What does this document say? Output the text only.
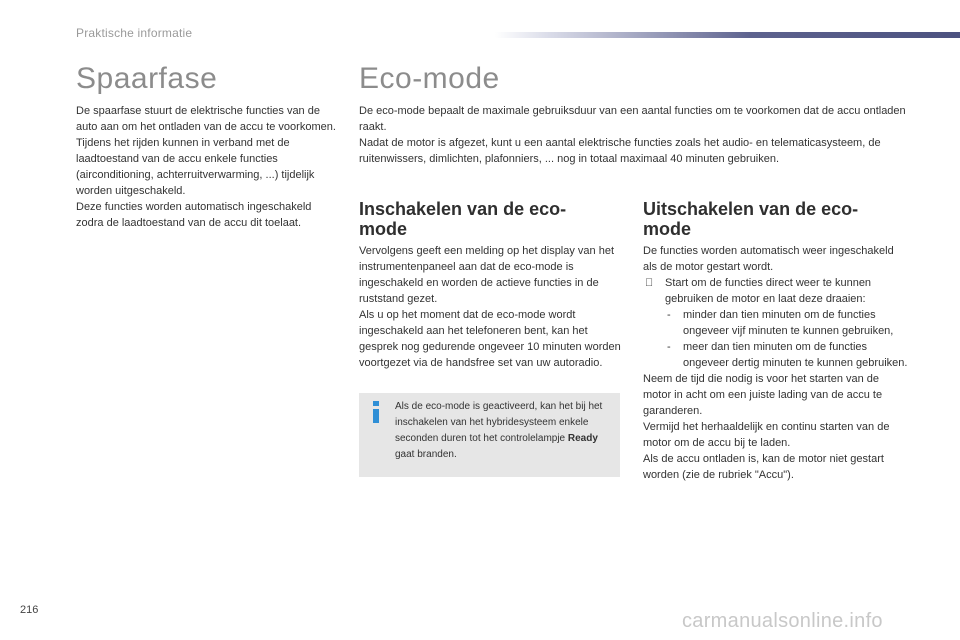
Praktische informatie
Spaarfase

De spaarfase stuurt de elektrische functies van de auto aan om het ontladen van de accu te voorkomen.

Tijdens het rijden kunnen in verband met de laadtoestand van de accu enkele functies (airconditioning, achterruitverwarming, ...) tijdelijk worden uitgeschakeld.

Deze functies worden automatisch ingeschakeld zodra de laadtoestand van de accu dit toelaat.

Eco-mode

De eco-mode bepaalt de maximale gebruiksduur van een aantal functies om te voorkomen dat de accu ontladen raakt.

Nadat de motor is afgezet, kunt u een aantal elektrische functies zoals het audio- en telematicasysteem, de ruitenwissers, dimlichten, plafonniers, ... nog in totaal maximaal 40 minuten gebruiken.

Inschakelen van de eco-mode

Vervolgens geeft een melding op het display van het instrumentenpaneel aan dat de eco-mode is ingeschakeld en worden de actieve functies in de ruststand gezet.

Als u op het moment dat de eco-mode wordt ingeschakeld aan het telefoneren bent, kan het gesprek nog gedurende ongeveer 10 minuten worden voortgezet via de handsfree set van uw autoradio.

Als de eco-mode is geactiveerd, kan het bij het inschakelen van het hybridesysteem enkele seconden duren tot het controlelampje Ready gaat branden.
Uitschakelen van de eco-mode

De functies worden automatisch weer ingeschakeld als de motor gestart wordt.

Start om de functies direct weer te kunnen gebruiken de motor en laat deze draaien:
- minder dan tien minuten om de functies ongeveer vijf minuten te kunnen gebruiken,
- meer dan tien minuten om de functies ongeveer dertig minuten te kunnen gebruiken.

Neem de tijd die nodig is voor het starten van de motor in acht om een juiste lading van de accu te garanderen.

Vermijd het herhaaldelijk en continu starten van de motor om de accu bij te laden.

Als de accu ontladen is, kan de motor niet gestart worden (zie de rubriek "Accu").

216	carmanualsonline.info
